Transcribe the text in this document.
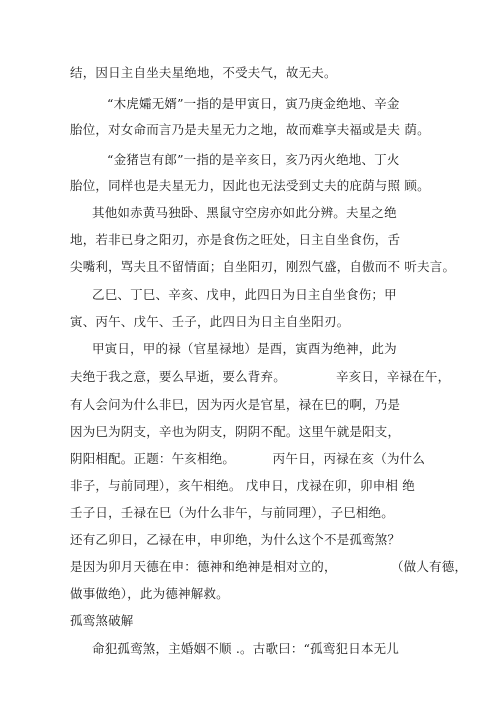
结，因日主自坐夫星绝地，不受夫气，故无夫。
“木虎孀无婿”一指的是甲寅日，寅乃庚金绝地、辛金
胎位，对女命而言乃是夫星无力之地，故而难享夫福或是夫 荫。
“金猪岂有郎”一指的是辛亥日，亥乃丙火绝地、丁火
胎位，同样也是夫星无力，因此也无法受到丈夫的庇荫与照 顾。
其他如赤黄马独卧、黑鼠守空房亦如此分辨。夫星之绝
地，若非已身之阳刃，亦是食伤之旺处，日主自坐食伤，舌
尖嘴利，骂夫且不留情面；自坐阳刃，刚烈气盛，自傲而不 听夫言。
乙巳、丁巳、辛亥、戊申，此四日为日主自坐食伤；甲
寅、丙午、戊午、壬子，此四日为日主自坐阳刃。
甲寅日，甲的禄（官星禄地）是酉，寅酉为绝神，此为
夫绝于我之意，要么早逝，要么背弃。            辛亥日，辛禄在午，
有人会问为什么非巳，因为丙火是官星，禄在巳的啊，乃是
因为巳为阴支，辛也为阴支，阴阴不配。这里午就是阳支，
阴阳相配。正题：午亥相绝。         丙午日，丙禄在亥（为什么
非子，与前同理），亥午相绝。 戊申日，戊禄在卯，卯申相 绝
壬子日，壬禄在巳（为什么非午，与前同理），子巳相绝。
还有乙卯日，乙禄在申，申卯绝，为什么这个不是孤鸾煞？
是因为卯月天德在申：德神和绝神是相对立的，             （做人有德，
做事做绝），此为德神解救。
孤鸾煞破解
命犯孤鸾煞，主婚姻不顺 .。古歌曰：“孤鸾犯日本无儿
